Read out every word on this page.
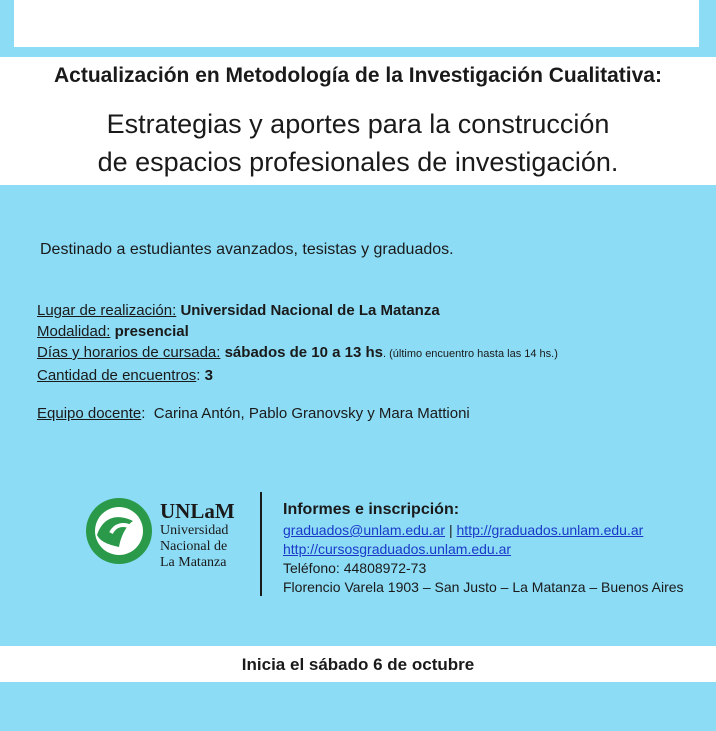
Actualización en Metodología de la Investigación Cualitativa:
Estrategias y aportes para la construcción
de espacios profesionales de investigación.
Destinado a estudiantes avanzados, tesistas y graduados.
Lugar de realización: Universidad Nacional de La Matanza
Modalidad: presencial
Días y horarios de cursada: sábados de 10 a 13 hs. (último encuentro hasta las 14 hs.)
Cantidad de encuentros: 3
Equipo docente: Carina Antón, Pablo Granovsky y Mara Mattioni
UNLaM
Universidad
Nacional de
La Matanza
Informes e inscripción:
graduados@unlam.edu.ar | http://graduados.unlam.edu.ar
http://cursosgraduados.unlam.edu.ar
Teléfono: 44808972-73
Florencio Varela 1903 – San Justo – La Matanza – Buenos Aires
Inicia el sábado 6 de octubre
